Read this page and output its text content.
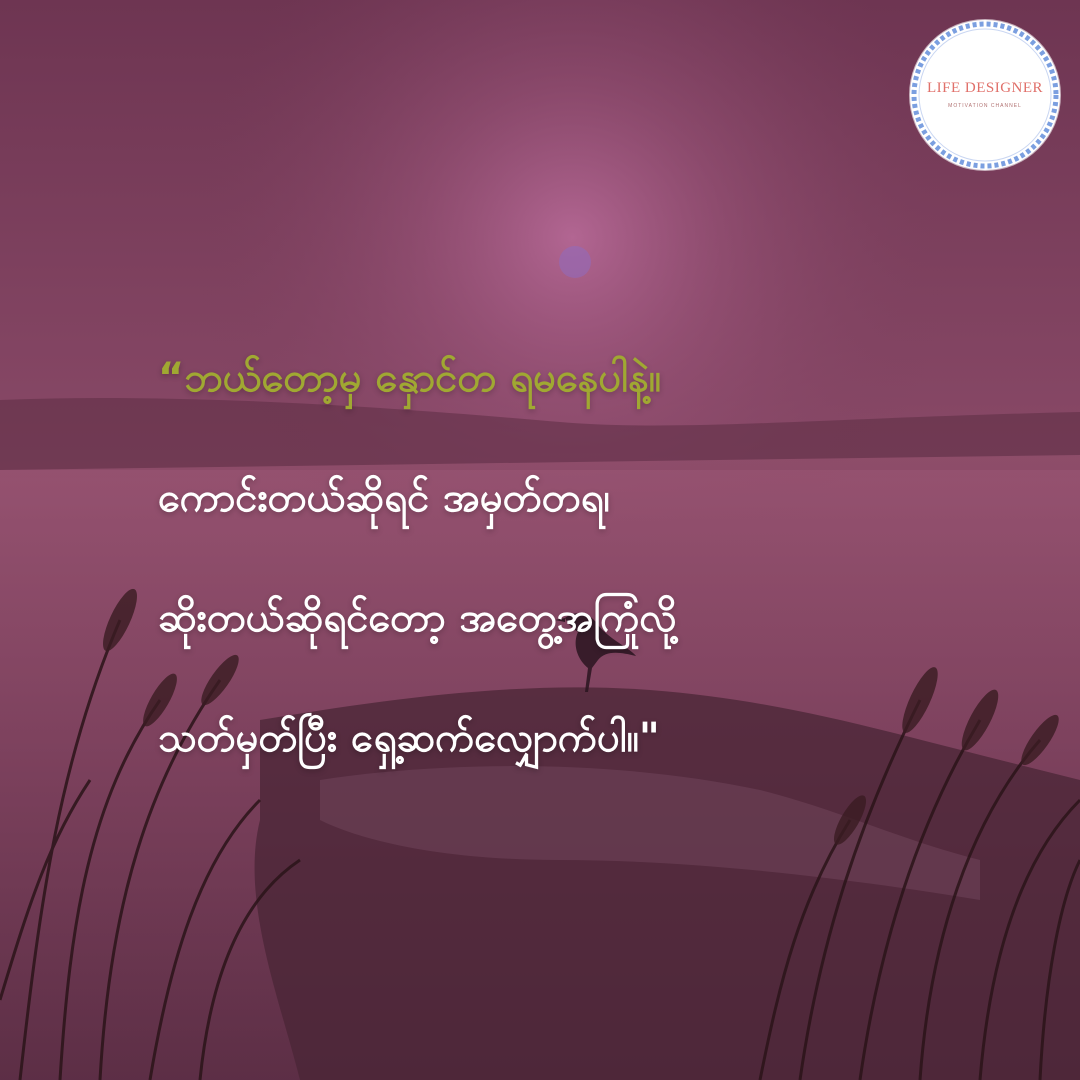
LIFE DESIGNER
MOTIVATION CHANNEL
“ဘယ်တော့မှ နှောင်တ ရမနေပါနဲ့။
ကောင်းတယ်ဆိုရင် အမှတ်တရ၊
ဆိုးတယ်ဆိုရင်တော့ အတွေ့အကြုံလို့
သတ်မှတ်ပြီး ရှေ့ဆက်လျှောက်ပါ။"
